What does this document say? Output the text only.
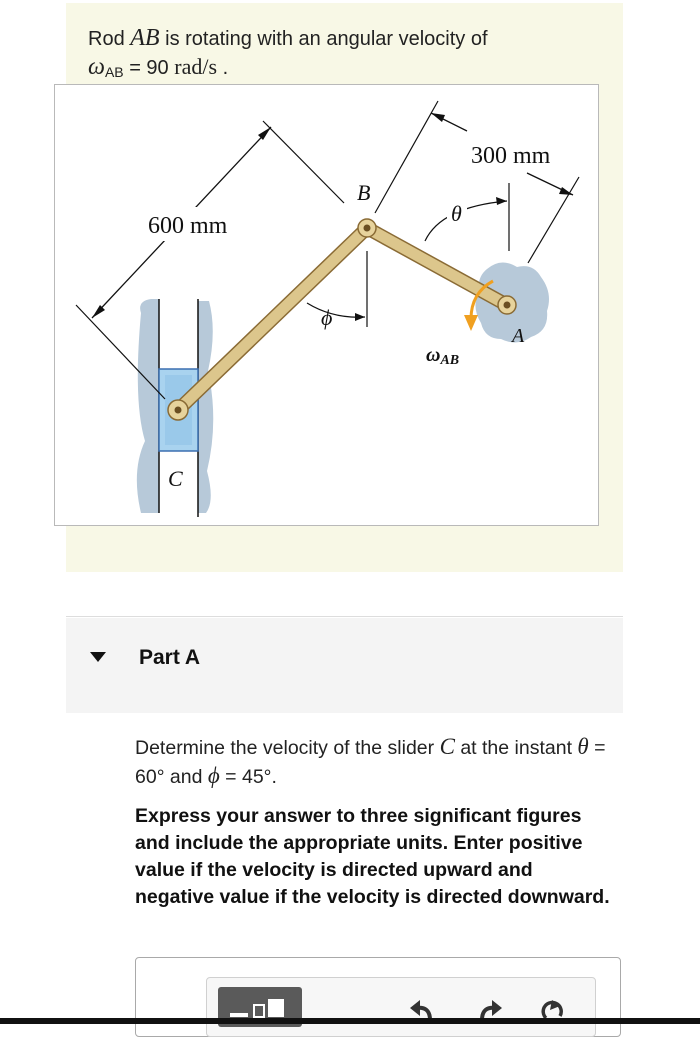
Rod AB is rotating with an angular velocity of
$\omega_{AB} = 90$ rad/s .
600 mm
300 mm
ϕ
θ
B
A
C
ωAB
Part A
Determine the velocity of the slider C at the instant θ = 60° and ϕ = 45°.
Express your answer to three significant figures and include the appropriate units. Enter positive value if the velocity is directed upward and negative value if the velocity is directed downward.
